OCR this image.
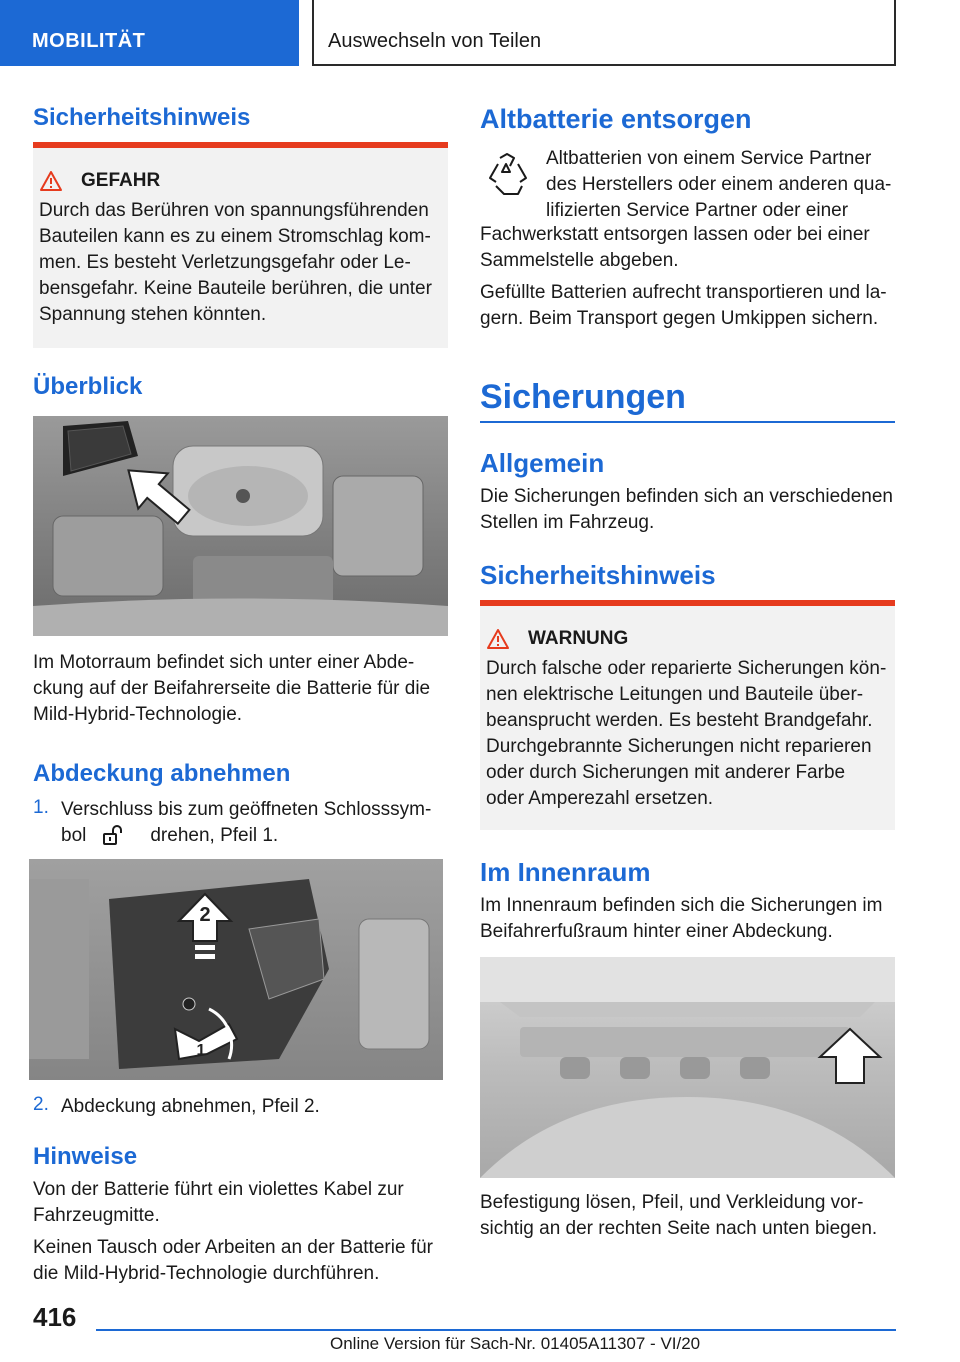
MOBILITÄT	Auswechseln von Teilen
Sicherheitshinweis
GEFAHR
Durch das Berühren von spannungsführenden
Bauteilen kann es zu einem Stromschlag kom-
men. Es besteht Verletzungsgefahr oder Le-
bensgefahr. Keine Bauteile berühren, die unter
Spannung stehen könnten.
Überblick
Im Motorraum befindet sich unter einer Abde-
ckung auf der Beifahrerseite die Batterie für die
Mild-Hybrid-Technologie.
Abdeckung abnehmen
1. Verschluss bis zum geöffneten Schlosssym-
bol	drehen, Pfeil 1.
2
1
2. Abdeckung abnehmen, Pfeil 2.
Hinweise
Von der Batterie führt ein violettes Kabel zur
Fahrzeugmitte.
Keinen Tausch oder Arbeiten an der Batterie für
die Mild-Hybrid-Technologie durchführen.
Altbatterie entsorgen
Altbatterien von einem Service Partner
des Herstellers oder einem anderen qua-
lifizierten Service Partner oder einer
Fachwerkstatt entsorgen lassen oder bei einer
Sammelstelle abgeben.
Gefüllte Batterien aufrecht transportieren und la-
gern. Beim Transport gegen Umkippen sichern.
Sicherungen
Allgemein
Die Sicherungen befinden sich an verschiedenen
Stellen im Fahrzeug.
Sicherheitshinweis
WARNUNG
Durch falsche oder reparierte Sicherungen kön-
nen elektrische Leitungen und Bauteile über-
beansprucht werden. Es besteht Brandgefahr.
Durchgebrannte Sicherungen nicht reparieren
oder durch Sicherungen mit anderer Farbe
oder Amperezahl ersetzen.
Im Innenraum
Im Innenraum befinden sich die Sicherungen im
Beifahrerfußraum hinter einer Abdeckung.
Befestigung lösen, Pfeil, und Verkleidung vor-
sichtig an der rechten Seite nach unten biegen.
416
Online Version für Sach-Nr. 01405A11307 - VI/20
